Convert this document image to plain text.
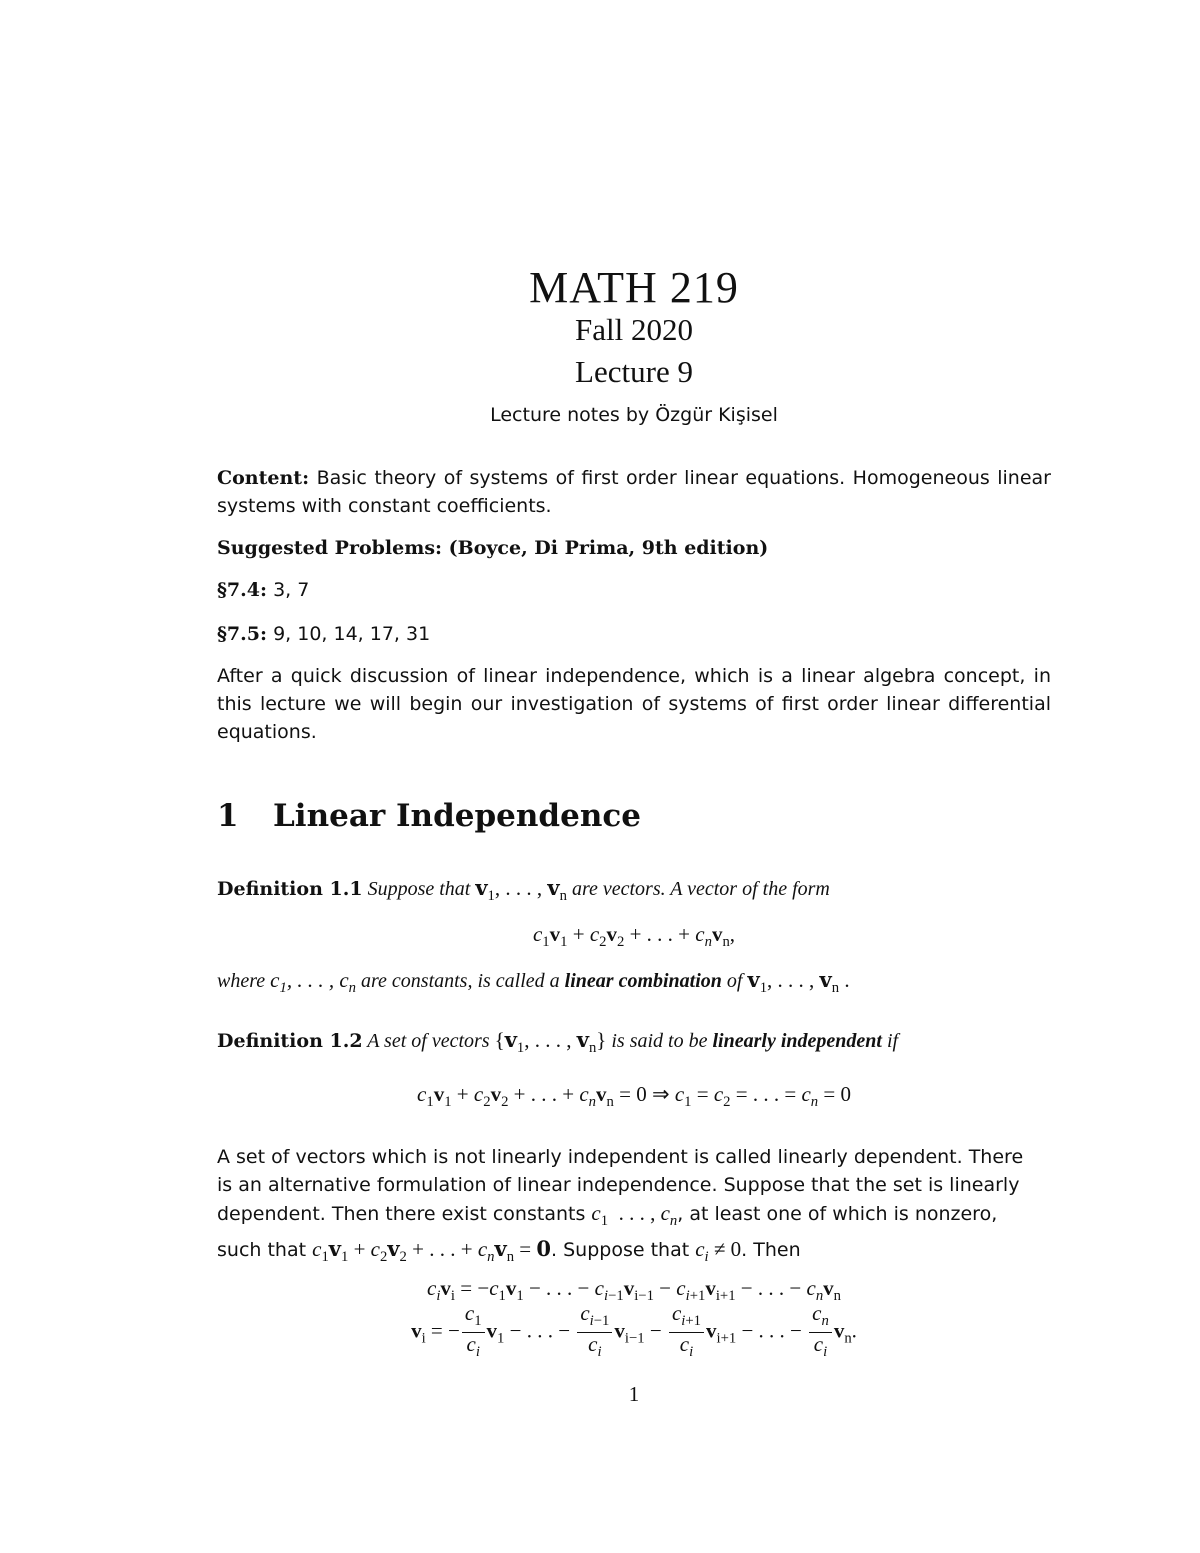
MATH 219
Fall 2020
Lecture 9
Lecture notes by Özgür Kişisel
Content: Basic theory of systems of first order linear equations. Homogeneous linear systems with constant coefficients.
Suggested Problems: (Boyce, Di Prima, 9th edition)
§7.4: 3, 7
§7.5: 9, 10, 14, 17, 31
After a quick discussion of linear independence, which is a linear algebra concept, in this lecture we will begin our investigation of systems of first order linear differential equations.
1 Linear Independence
Definition 1.1 Suppose that $v_1$, . . . , $v_n$ are vectors. A vector of the form
$c_1v_1 + c_2v_2$ + . . . + $c_nv_n$,
where $c_1$, . . . , $c_n$ are constants, is called a linear combination of $v_1$, . . . , $v_n$ .
Definition 1.2 A set of vectors {$v_1$, . . . , $v_n$} is said to be linearly independent if
$c_1v_1 + c_2v_2$ + . . . + $c_nv_n = 0$ ⇒ $c_1 = c_2$ = . . . = $c_n = 0$
A set of vectors which is not linearly independent is called linearly dependent. There
is an alternative formulation of linear independence. Suppose that the set is linearly
dependent. Then there exist constants $c_1$  . . . , $c_n$, at least one of which is nonzero,
such that $c_1v_1 + c_2v_2$ + . . . + $c_nv_n = 0$. Suppose that $c_i \ne 0$. Then
$c_iv_i = -c_1v_1$ − . . . − $c_{i-1}v_{i-1} - c_{i+1}v_{i+1}$ − . . . − $c_nv_n$
$v_i$ = − $\frac{c_1}{c_i} v_1$ − . . . − $\frac{c_{i-1}}{c_i} v_{i-1} - \frac{c_{i+1}}{c_i} v_{i+1}$ − . . . − $\frac{c_n}{c_i} v_n$.
1
